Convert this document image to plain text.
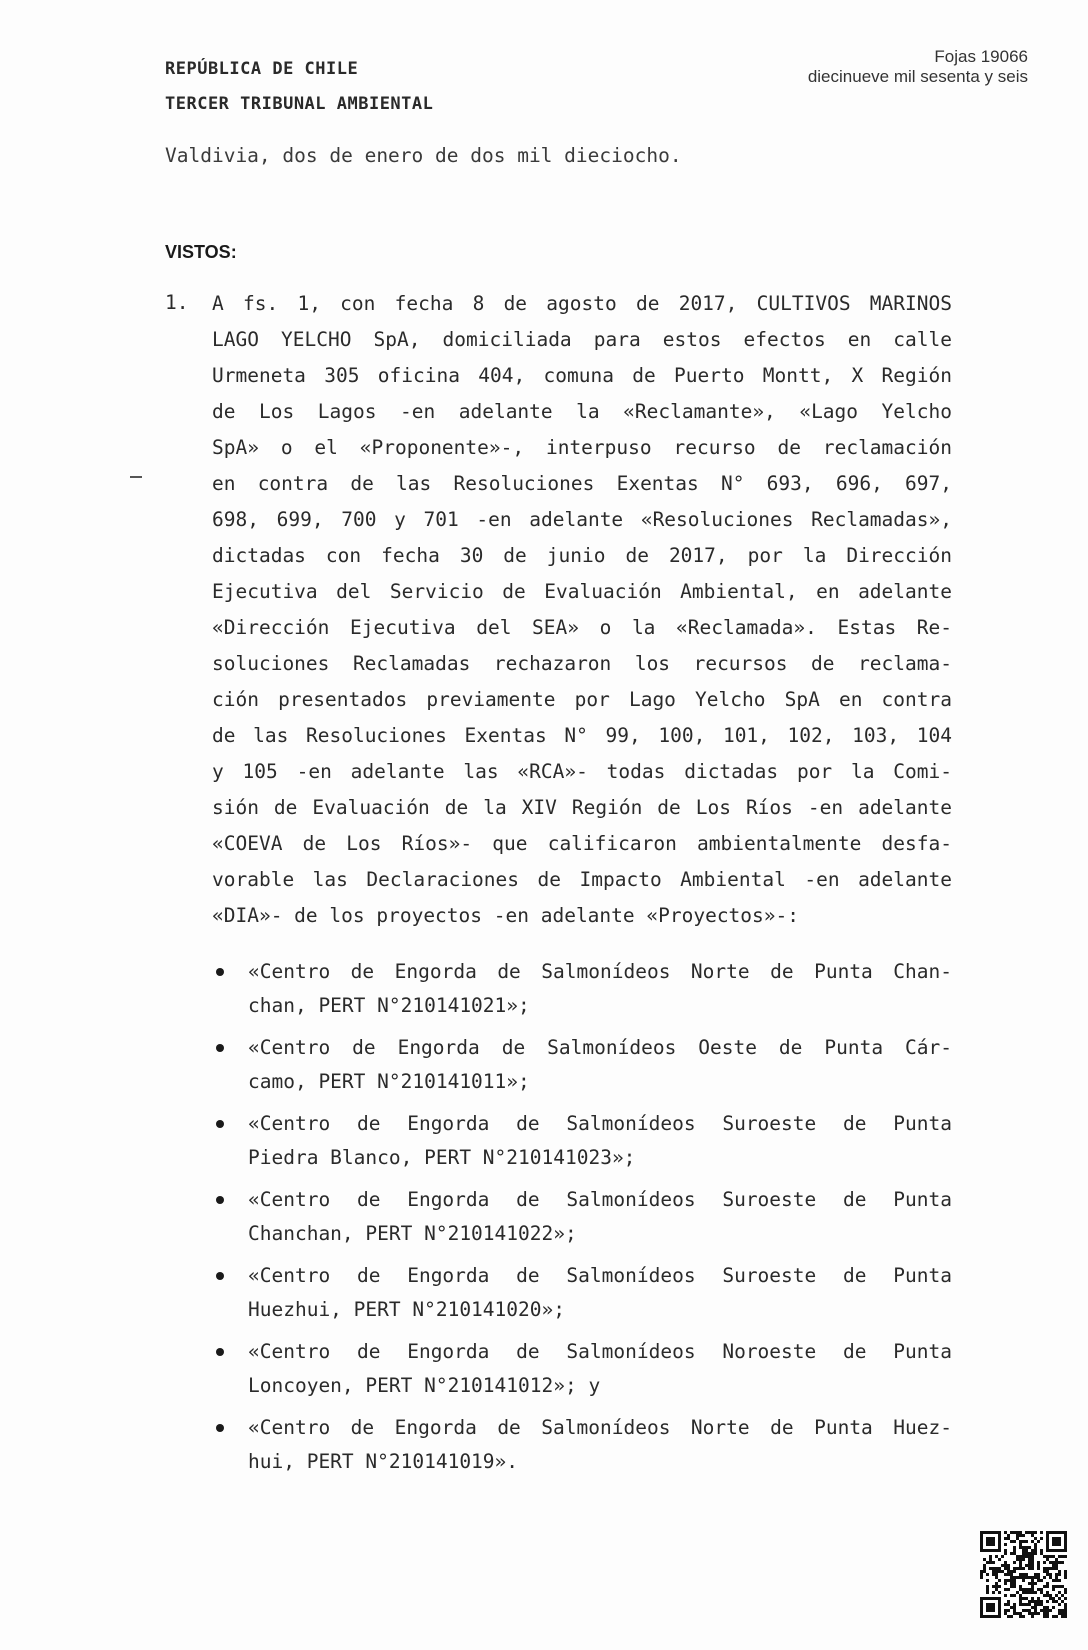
REPÚBLICA DE CHILE
TERCER TRIBUNAL AMBIENTAL
Fojas 19066
diecinueve mil sesenta y seis
Valdivia, dos de enero de dos mil dieciocho.
VISTOS:
1. A fs. 1, con fecha 8 de agosto de 2017, CULTIVOS MARINOS
LAGO YELCHO SpA, domiciliada para estos efectos en calle
Urmeneta 305 oficina 404, comuna de Puerto Montt, X Región
de Los Lagos -en adelante la «Reclamante», «Lago Yelcho
SpA» o el «Proponente»-, interpuso recurso de reclamación
en contra de las Resoluciones Exentas N° 693, 696, 697,
698, 699, 700 y 701 -en adelante «Resoluciones Reclamadas»,
dictadas con fecha 30 de junio de 2017, por la Dirección
Ejecutiva del Servicio de Evaluación Ambiental, en adelante
«Dirección Ejecutiva del SEA» o la «Reclamada». Estas Re-
soluciones Reclamadas rechazaron los recursos de reclama-
ción presentados previamente por Lago Yelcho SpA en contra
de las Resoluciones Exentas N° 99, 100, 101, 102, 103, 104
y 105 -en adelante las «RCA»- todas dictadas por la Comi-
sión de Evaluación de la XIV Región de Los Ríos -en adelante
«COEVA de Los Ríos»- que calificaron ambientalmente desfa-
vorable las Declaraciones de Impacto Ambiental -en adelante
«DIA»- de los proyectos -en adelante «Proyectos»-:
«Centro de Engorda de Salmonídeos Norte de Punta Chan-
chan, PERT N°210141021»;
«Centro de Engorda de Salmonídeos Oeste de Punta Cár-
camo, PERT N°210141011»;
«Centro de Engorda de Salmonídeos Suroeste de Punta
Piedra Blanco, PERT N°210141023»;
«Centro de Engorda de Salmonídeos Suroeste de Punta
Chanchan, PERT N°210141022»;
«Centro de Engorda de Salmonídeos Suroeste de Punta
Huezhui, PERT N°210141020»;
«Centro de Engorda de Salmonídeos Noroeste de Punta
Loncoyen, PERT N°210141012»; y
«Centro de Engorda de Salmonídeos Norte de Punta Huez-
hui, PERT N°210141019».
